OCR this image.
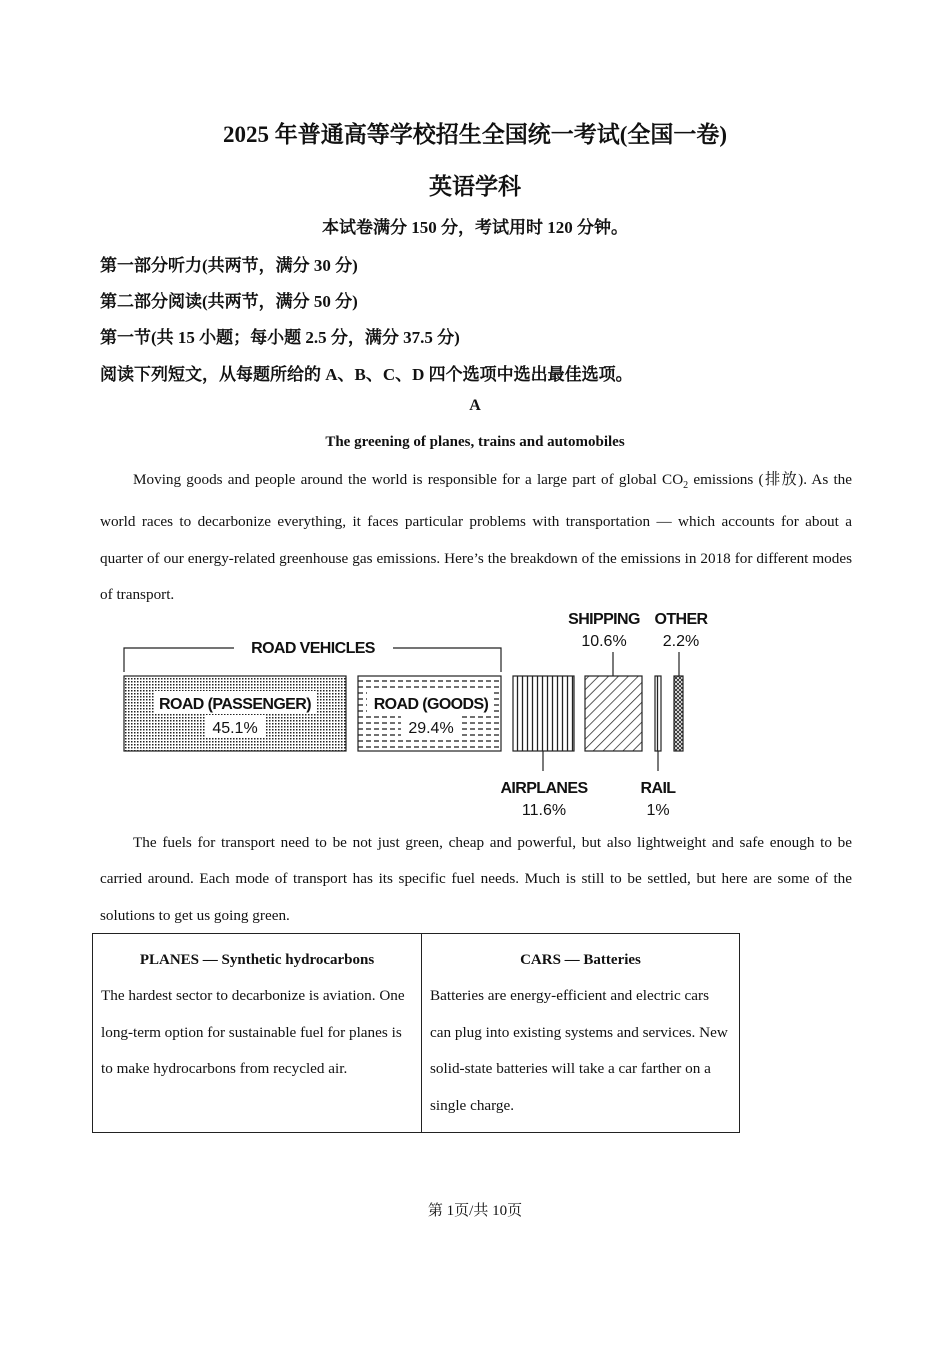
2025 年普通高等学校招生全国统一考试(全国一卷)
英语学科
本试卷满分 150 分，考试用时 120 分钟。
第一部分听力(共两节，满分 30 分)
第二部分阅读(共两节，满分 50 分)
第一节(共 15 小题；每小题 2.5 分，满分 37.5 分)
阅读下列短文，从每题所给的 A、B、C、D 四个选项中选出最佳选项。
A
The greening of planes, trains and automobiles
Moving goods and people around the world is responsible for a large part of global $CO_2$ emissions (排放). As the world races to decarbonize everything, it faces particular problems with transportation — which accounts for about a quarter of our energy-related greenhouse gas emissions. Here’s the breakdown of the emissions in 2018 for different modes of transport.
ROAD VEHICLES
ROAD (PASSENGER)
45.1%
ROAD (GOODS)
29.4%
SHIPPING
10.6%
OTHER
2.2%
AIRPLANES
11.6%
RAIL
1%
The fuels for transport need to be not just green, cheap and powerful, but also lightweight and safe enough to be carried around. Each mode of transport has its specific fuel needs. Much is still to be settled, but here are some of the solutions to get us going green.
PLANES — Synthetic hydrocarbons
The hardest sector to decarbonize is aviation. One long-term option for sustainable fuel for planes is to make hydrocarbons from recycled air.

CARS — Batteries
Batteries are energy-efficient and electric cars can plug into existing systems and services. New solid-state batteries will take a car farther on a single charge.
第 1页/共 10页
